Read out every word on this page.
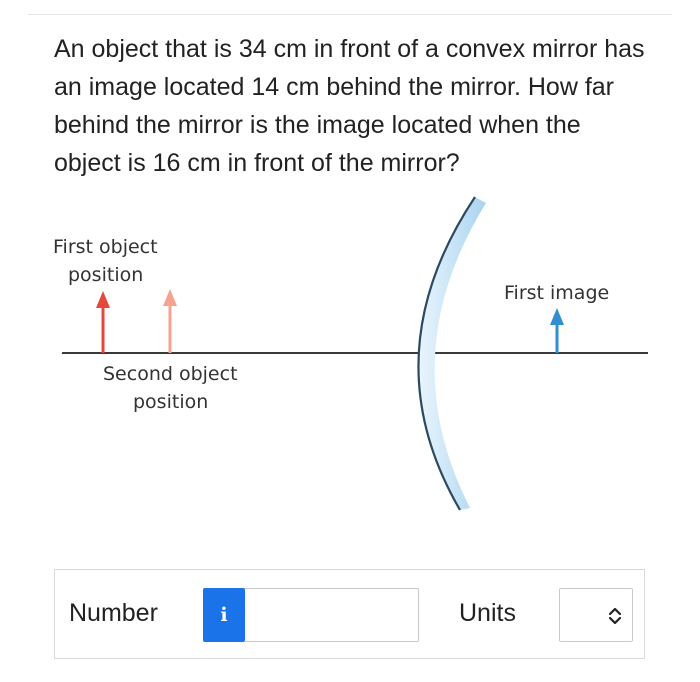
An object that is 34 cm in front of a convex mirror has an image located 14 cm behind the mirror. How far behind the mirror is the image located when the object is 16 cm in front of the mirror?

First object
position
Second object
position
First image
Number	i	Units
